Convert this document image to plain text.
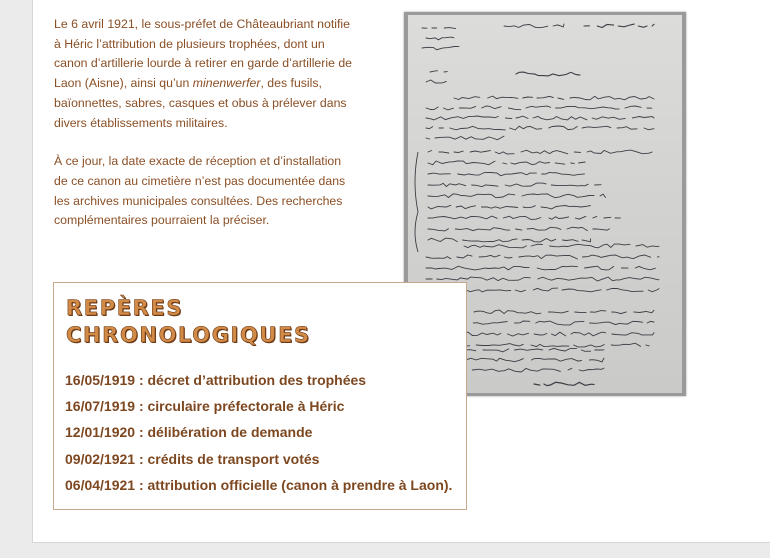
Le 6 avril 1921, le sous-préfet de Châteaubriant notifie à Héric l’attribution de plusieurs trophées, dont un canon d’artillerie lourde à retirer en garde d’artillerie de Laon (Aisne), ainsi qu’un minenwerfer, des fusils, baïonnettes, sabres, casques et obus à prélever dans divers établissements militaires.

À ce jour, la date exacte de réception et d’installation de ce canon au cimetière n’est pas documentée dans les archives municipales consultées. Des recherches complémentaires pourraient la préciser.

REPÈRES CHRONOLOGIQUES
16/05/1919 : décret d’attribution des trophées
16/07/1919 : circulaire préfectorale à Héric
12/01/1920 : délibération de demande
09/02/1921 : crédits de transport votés
06/04/1921 : attribution officielle (canon à prendre à Laon).
